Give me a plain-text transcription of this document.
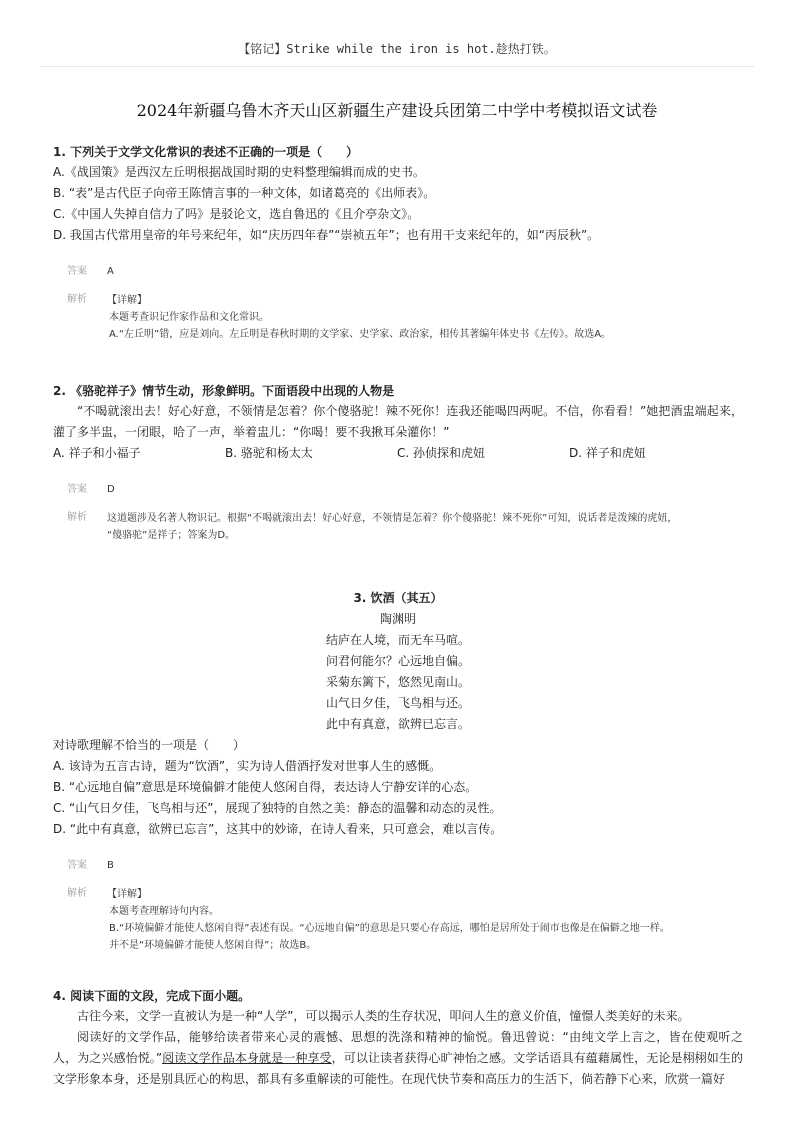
【铭记】Strike while the iron is hot.趁热打铁。
2024年新疆乌鲁木齐天山区新疆生产建设兵团第二中学中考模拟语文试卷
1. 下列关于文学文化常识的表述不正确的一项是（　　）
A.《战国策》是西汉左丘明根据战国时期的史料整理编辑而成的史书。
B. “表”是古代臣子向帝王陈情言事的一种文体，如诸葛亮的《出师表》。
C.《中国人失掉自信力了吗》是驳论文，选自鲁迅的《且介亭杂文》。
D. 我国古代常用皇帝的年号来纪年，如“庆历四年春”“崇祯五年”；也有用干支来纪年的，如“丙辰秋”。
答案	A
解析	【详解】
本题考查识记作家作品和文化常识。
A.“左丘明”错，应是刘向。左丘明是春秋时期的文学家、史学家、政治家，相传其著编年体史书《左传》。故选A。
2. 《骆驼祥子》情节生动，形象鲜明。下面语段中出现的人物是
“不喝就滚出去！好心好意，不领情是怎着？你个傻骆驼！辣不死你！连我还能喝四两呢。不信，你看看！”她把酒盅端起来，灌了多半盅，一闭眼，哈了一声，举着盅儿：“你喝！要不我揪耳朵灌你！”
A. 祥子和小福子	B. 骆驼和杨太太	C. 孙侦探和虎妞	D. 祥子和虎妞
答案	D
解析	这道题涉及名著人物识记。根据“不喝就滚出去！好心好意，不领情是怎着？你个傻骆驼！辣不死你”可知，说话者是泼辣的虎妞，
“傻骆驼”是祥子；答案为D。
3. 饮酒（其五）
陶渊明
结庐在人境，而无车马喧。
问君何能尔？心远地自偏。
采菊东篱下，悠然见南山。
山气日夕佳，飞鸟相与还。
此中有真意，欲辨已忘言。
对诗歌理解不恰当的一项是（　　）
A. 该诗为五言古诗，题为“饮酒”，实为诗人借酒抒发对世事人生的感慨。
B. “心远地自偏”意思是环境偏僻才能使人悠闲自得，表达诗人宁静安详的心态。
C. “山气日夕佳，飞鸟相与还”，展现了独特的自然之美：静态的温馨和动态的灵性。
D. “此中有真意，欲辨已忘言”，这其中的妙谛，在诗人看来，只可意会，难以言传。
答案	B
解析	【详解】
本题考查理解诗句内容。
B.“环境偏僻才能使人悠闲自得”表述有误。“心远地自偏”的意思是只要心存高远，哪怕是居所处于闹市也像是在偏僻之地一样。
并不是“环境偏僻才能使人悠闲自得”；故选B。
4. 阅读下面的文段，完成下面小题。
古往今来，文学一直被认为是一种“人学”，可以揭示人类的生存状况，叩问人生的意义价值，憧憬人类美好的未来。
阅读好的文学作品，能够给读者带来心灵的震憾、思想的洗涤和精神的愉悦。鲁迅曾说：“由纯文学上言之，皆在使观听之人，为之兴感怡悦。”阅读文学作品本身就是一种享受，可以让读者获得心旷神怡之感。文学话语具有蕴藉属性，无论是栩栩如生的文学形象本身，还是别具匠心的构思，都具有多重解读的可能性。在现代快节奏和高压力的生活下，倘若静下心来，欣赏一篇好
